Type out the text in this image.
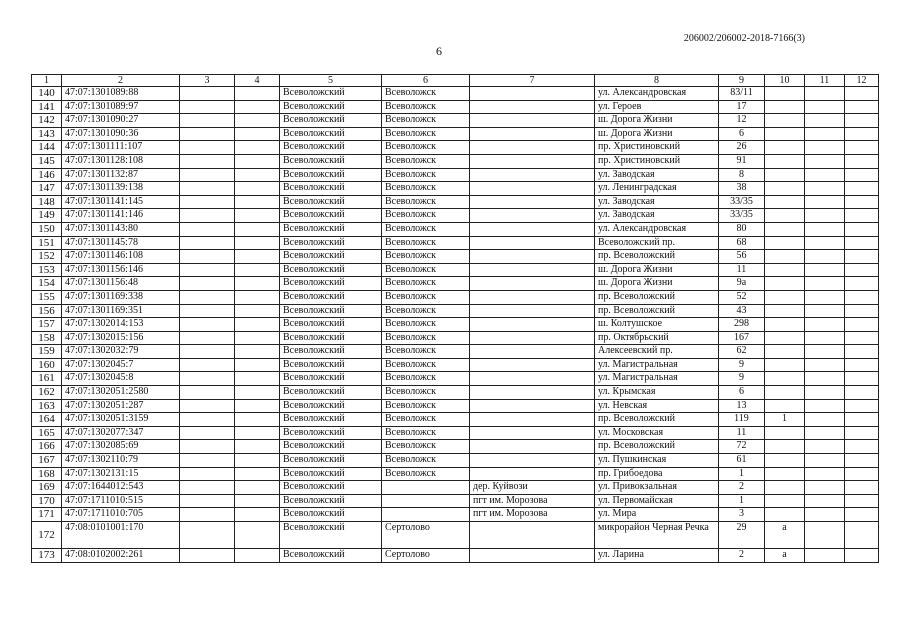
206002/206002-2018-7166(3)
6
1	2	3	4	5	6	7	8	9	10	11	12
140	47:07:1301089:88			Всеволожский	Всеволожск		ул. Александровская	83/11			
141	47:07:1301089:97			Всеволожский	Всеволожск		ул. Героев	17			
142	47:07:1301090:27			Всеволожский	Всеволожск		ш. Дорога Жизни	12			
143	47:07:1301090:36			Всеволожский	Всеволожск		ш. Дорога Жизни	6			
144	47:07:1301111:107			Всеволожский	Всеволожск		пр. Христиновский	26			
145	47:07:1301128:108			Всеволожский	Всеволожск		пр. Христиновский	91			
146	47:07:1301132:87			Всеволожский	Всеволожск		ул. Заводская	8			
147	47:07:1301139:138			Всеволожский	Всеволожск		ул. Ленинградская	38			
148	47:07:1301141:145			Всеволожский	Всеволожск		ул. Заводская	33/35			
149	47:07:1301141:146			Всеволожский	Всеволожск		ул. Заводская	33/35			
150	47:07:1301143:80			Всеволожский	Всеволожск		ул. Александровская	80			
151	47:07:1301145:78			Всеволожский	Всеволожск		Всеволожский пр.	68			
152	47:07:1301146:108			Всеволожский	Всеволожск		пр. Всеволожский	56			
153	47:07:1301156:146			Всеволожский	Всеволожск		ш. Дорога Жизни	11			
154	47:07:1301156:48			Всеволожский	Всеволожск		ш. Дорога Жизни	9а			
155	47:07:1301169:338			Всеволожский	Всеволожск		пр. Всеволожский	52			
156	47:07:1301169:351			Всеволожский	Всеволожск		пр. Всеволожский	43			
157	47:07:1302014:153			Всеволожский	Всеволожск		ш. Колтушское	298			
158	47:07:1302015:156			Всеволожский	Всеволожск		пр. Октябрьский	167			
159	47:07:1302032:79			Всеволожский	Всеволожск		Алексеевский пр.	62			
160	47:07:1302045:7			Всеволожский	Всеволожск		ул. Магистральная	9			
161	47:07:1302045:8			Всеволожский	Всеволожск		ул. Магистральная	9			
162	47:07:1302051:2580			Всеволожский	Всеволожск		ул. Крымская	6			
163	47:07:1302051:287			Всеволожский	Всеволожск		ул. Невская	13			
164	47:07:1302051:3159			Всеволожский	Всеволожск		пр. Всеволожский	119	1		
165	47:07:1302077:347			Всеволожский	Всеволожск		ул. Московская	11			
166	47:07:1302085:69			Всеволожский	Всеволожск		пр. Всеволожский	72			
167	47:07:1302110:79			Всеволожский	Всеволожск		ул. Пушкинская	61			
168	47:07:1302131:15			Всеволожский	Всеволожск		пр. Грибоедова	1			
169	47:07:1644012:543			Всеволожский		дер. Куйвози	ул. Привокзальная	2			
170	47:07:1711010:515			Всеволожский		пгт им. Морозова	ул. Первомайская	1			
171	47:07:1711010:705			Всеволожский		пгт им. Морозова	ул. Мира	3			
172	47:08:0101001:170			Всеволожский	Сертолово		микрорайон Черная Речка	29	а		
173	47:08:0102002:261			Всеволожский	Сертолово		ул. Ларина	2	а		
